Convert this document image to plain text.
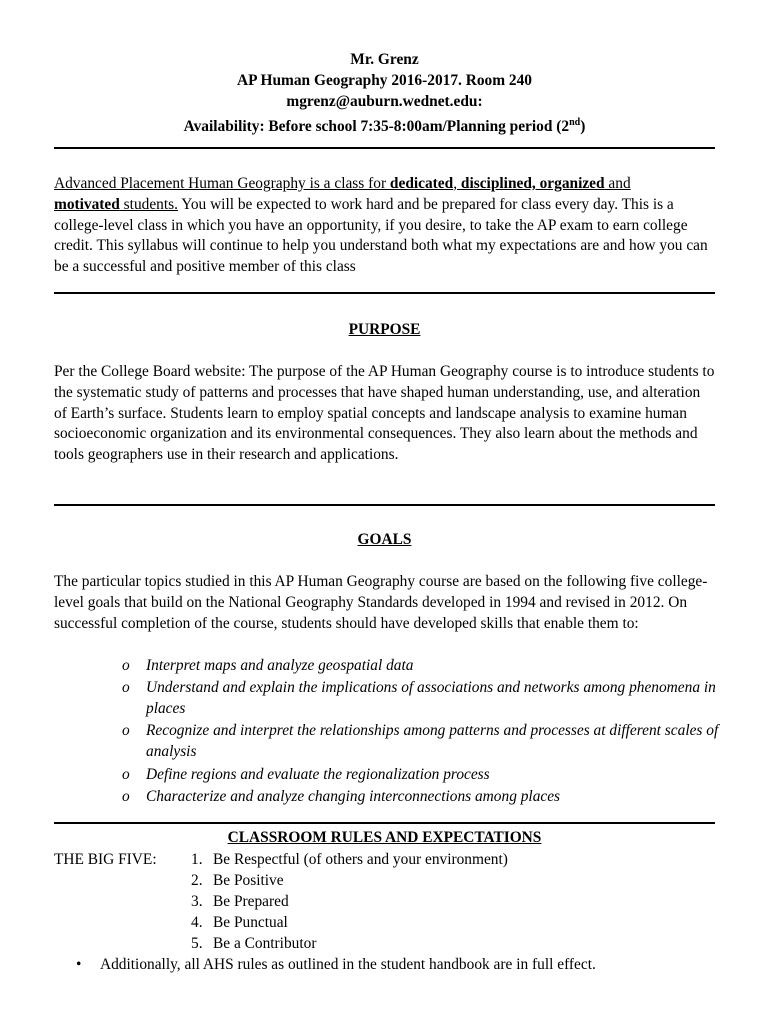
Mr. Grenz
AP Human Geography 2016-2017. Room 240
mgrenz@auburn.wednet.edu:
Availability: Before school 7:35-8:00am/Planning period (2nd)
Advanced Placement Human Geography is a class for dedicated, disciplined, organized and
motivated students. You will be expected to work hard and be prepared for class every day. This is a college-level class in which you have an opportunity, if you desire, to take the AP exam to earn college credit. This syllabus will continue to help you understand both what my expectations are and how you can be a successful and positive member of this class
PURPOSE
Per the College Board website: The purpose of the AP Human Geography course is to introduce students to the systematic study of patterns and processes that have shaped human understanding, use, and alteration of Earth’s surface. Students learn to employ spatial concepts and landscape analysis to examine human socioeconomic organization and its environmental consequences. They also learn about the methods and tools geographers use in their research and applications.
GOALS
The particular topics studied in this AP Human Geography course are based on the following five college-level goals that build on the National Geography Standards developed in 1994 and revised in 2012. On successful completion of the course, students should have developed skills that enable them to:
o Interpret maps and analyze geospatial data
o Understand and explain the implications of associations and networks among phenomena in places
o Recognize and interpret the relationships among patterns and processes at different scales of analysis
o Define regions and evaluate the regionalization process
o Characterize and analyze changing interconnections among places
CLASSROOM RULES AND EXPECTATIONS
THE BIG FIVE: 1. Be Respectful (of others and your environment)
2. Be Positive
3. Be Prepared
4. Be Punctual
5. Be a Contributor
• Additionally, all AHS rules as outlined in the student handbook are in full effect.
